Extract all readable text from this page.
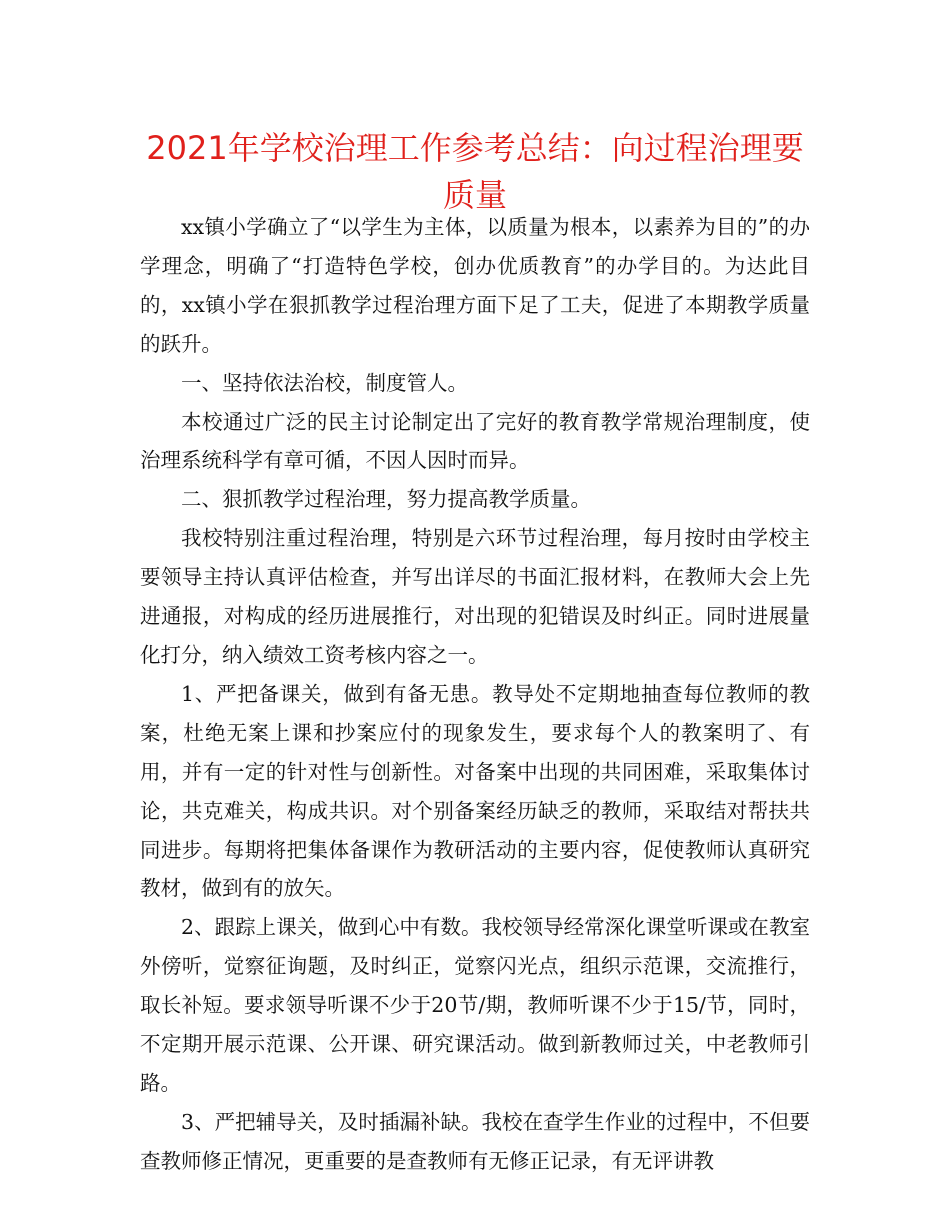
2021年学校治理工作参考总结：向过程治理要
质量

xx镇小学确立了“以学生为主体，以质量为根本，以素养为目的”的办学理念，明确了“打造特色学校，创办优质教育”的办学目的。为达此目的，xx镇小学在狠抓教学过程治理方面下足了工夫，促进了本期教学质量的跃升。

一、坚持依法治校，制度管人。

本校通过广泛的民主讨论制定出了完好的教育教学常规治理制度，使治理系统科学有章可循，不因人因时而异。

二、狠抓教学过程治理，努力提高教学质量。

我校特别注重过程治理，特别是六环节过程治理，每月按时由学校主要领导主持认真评估检查，并写出详尽的书面汇报材料，在教师大会上先进通报，对构成的经历进展推行，对出现的犯错误及时纠正。同时进展量化打分，纳入绩效工资考核内容之一。

1、严把备课关，做到有备无患。教导处不定期地抽查每位教师的教案，杜绝无案上课和抄案应付的现象发生，要求每个人的教案明了、有用，并有一定的针对性与创新性。对备案中出现的共同困难，采取集体讨论，共克难关，构成共识。对个别备案经历缺乏的教师，采取结对帮扶共同进步。每期将把集体备课作为教研活动的主要内容，促使教师认真研究教材，做到有的放矢。

2、跟踪上课关，做到心中有数。我校领导经常深化课堂听课或在教室外傍听，觉察征询题，及时纠正，觉察闪光点，组织示范课，交流推行，取长补短。要求领导听课不少于20节/期，教师听课不少于15/节，同时，不定期开展示范课、公开课、研究课活动。做到新教师过关，中老教师引路。

3、严把辅导关，及时插漏补缺。我校在查学生作业的过程中，不但要查教师修正情况，更重要的是查教师有无修正记录，有无评讲教
